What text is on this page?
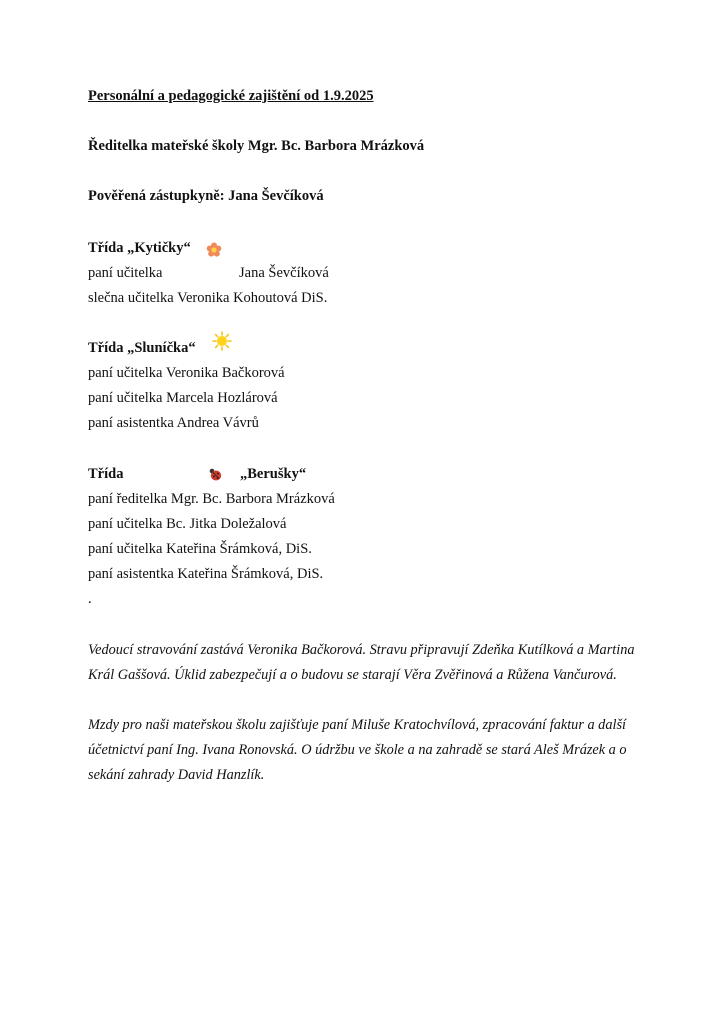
Personální a pedagogické zajištění od 1.9.2025
Ředitelka mateřské školy Mgr. Bc. Barbora Mrázková
Pověřená zástupkyně: Jana Ševčíková
Třída „Kytičky“
paní učitelka	Jana Ševčíková
slečna učitelka Veronika Kohoutová DiS.
Třída „Sluníčka“
paní učitelka Veronika Bačkorová
paní učitelka Marcela Hozlárová
paní asistentka Andrea Vávrů
Třída	„Berušky“
paní ředitelka Mgr. Bc. Barbora Mrázková
paní učitelka Bc. Jitka Doležalová
paní učitelka Kateřina Šrámková, DiS.
paní asistentka Kateřina Šrámková, DiS.
.
Vedoucí stravování zastává Veronika Bačkorová. Stravu připravují Zdeňka Kutílková a Martina Král Gaššová. Úklid zabezpečují a o budovu se starají Věra Zvěřinová a Růžena Vančurová.
Mzdy pro naši mateřskou školu zajišťuje paní Miluše Kratochvílová, zpracování faktur a další účetnictví paní Ing. Ivana Ronovská. O údržbu ve škole a na zahradě se stará Aleš Mrázek a o sekání zahrady David Hanzlík.
